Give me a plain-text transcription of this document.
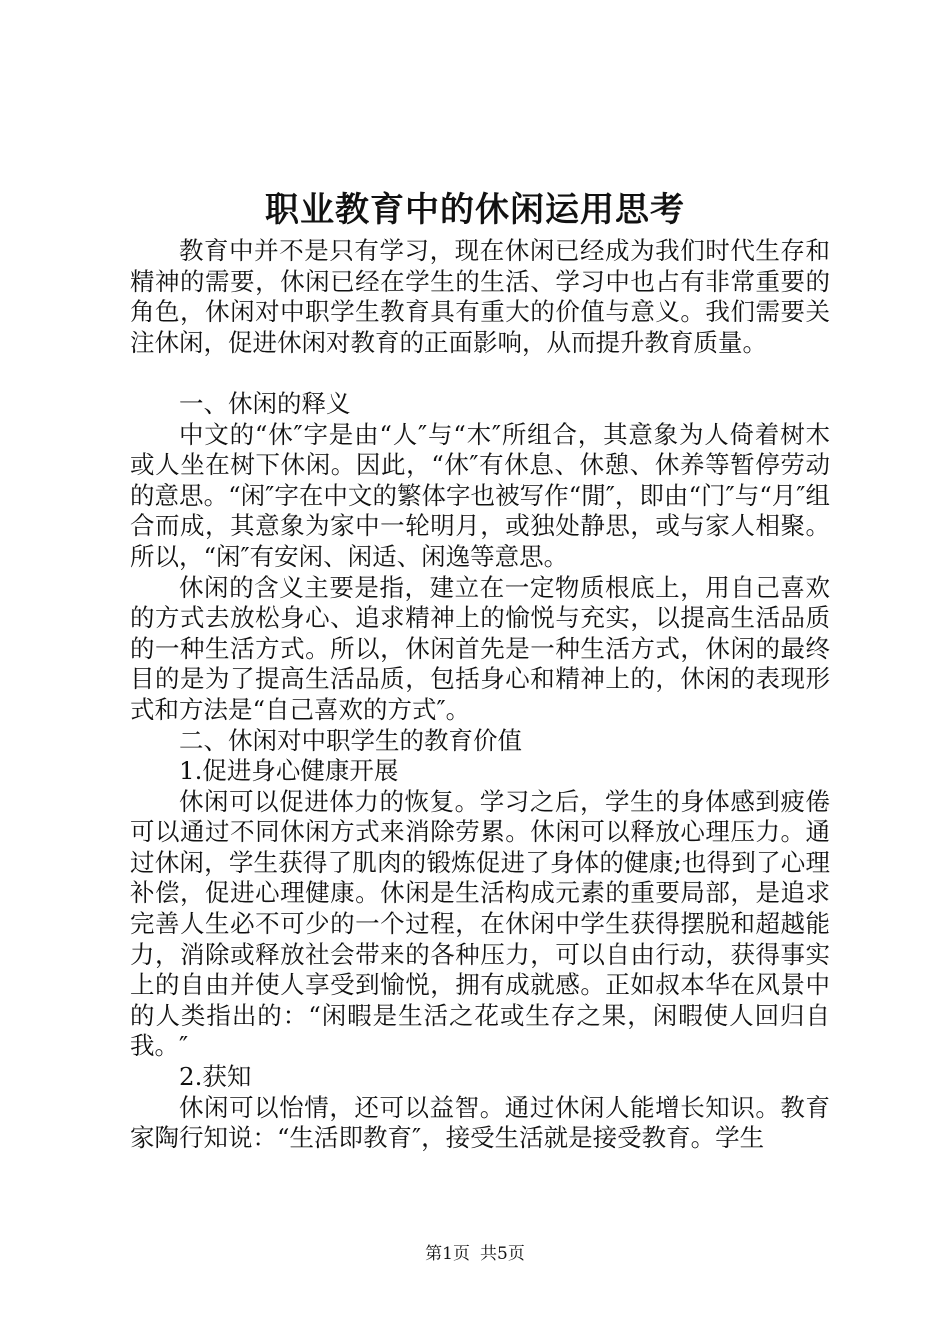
职业教育中的休闲运用思考

教育中并不是只有学习，现在休闲已经成为我们时代生存和精神的需要，休闲已经在学生的生活、学习中也占有非常重要的角色，休闲对中职学生教育具有重大的价值与意义。我们需要关注休闲，促进休闲对教育的正面影响，从而提升教育质量。

一、休闲的释义

中文的“休″字是由“人″与“木″所组合，其意象为人倚着树木或人坐在树下休闲。因此，“休″有休息、休憩、休养等暂停劳动的意思。“闲″字在中文的繁体字也被写作“閒″，即由“门″与“月″组合而成，其意象为家中一轮明月，或独处静思，或与家人相聚。所以，“闲″有安闲、闲适、闲逸等意思。

休闲的含义主要是指，建立在一定物质根底上，用自己喜欢的方式去放松身心、追求精神上的愉悦与充实，以提高生活品质的一种生活方式。所以，休闲首先是一种生活方式，休闲的最终目的是为了提高生活品质，包括身心和精神上的，休闲的表现形式和方法是“自己喜欢的方式″。

二、休闲对中职学生的教育价值

1.促进身心健康开展

休闲可以促进体力的恢复。学习之后，学生的身体感到疲倦可以通过不同休闲方式来消除劳累。休闲可以释放心理压力。通过休闲，学生获得了肌肉的锻炼促进了身体的健康;也得到了心理补偿，促进心理健康。休闲是生活构成元素的重要局部，是追求完善人生必不可少的一个过程，在休闲中学生获得摆脱和超越能力，消除或释放社会带来的各种压力，可以自由行动，获得事实上的自由并使人享受到愉悦，拥有成就感。正如叔本华在风景中的人类指出的：“闲暇是生活之花或生存之果，闲暇使人回归自我。″

2.获知

休闲可以怡情，还可以益智。通过休闲人能增长知识。教育家陶行知说：“生活即教育″，接受生活就是接受教育。学生

第1页 共5页
